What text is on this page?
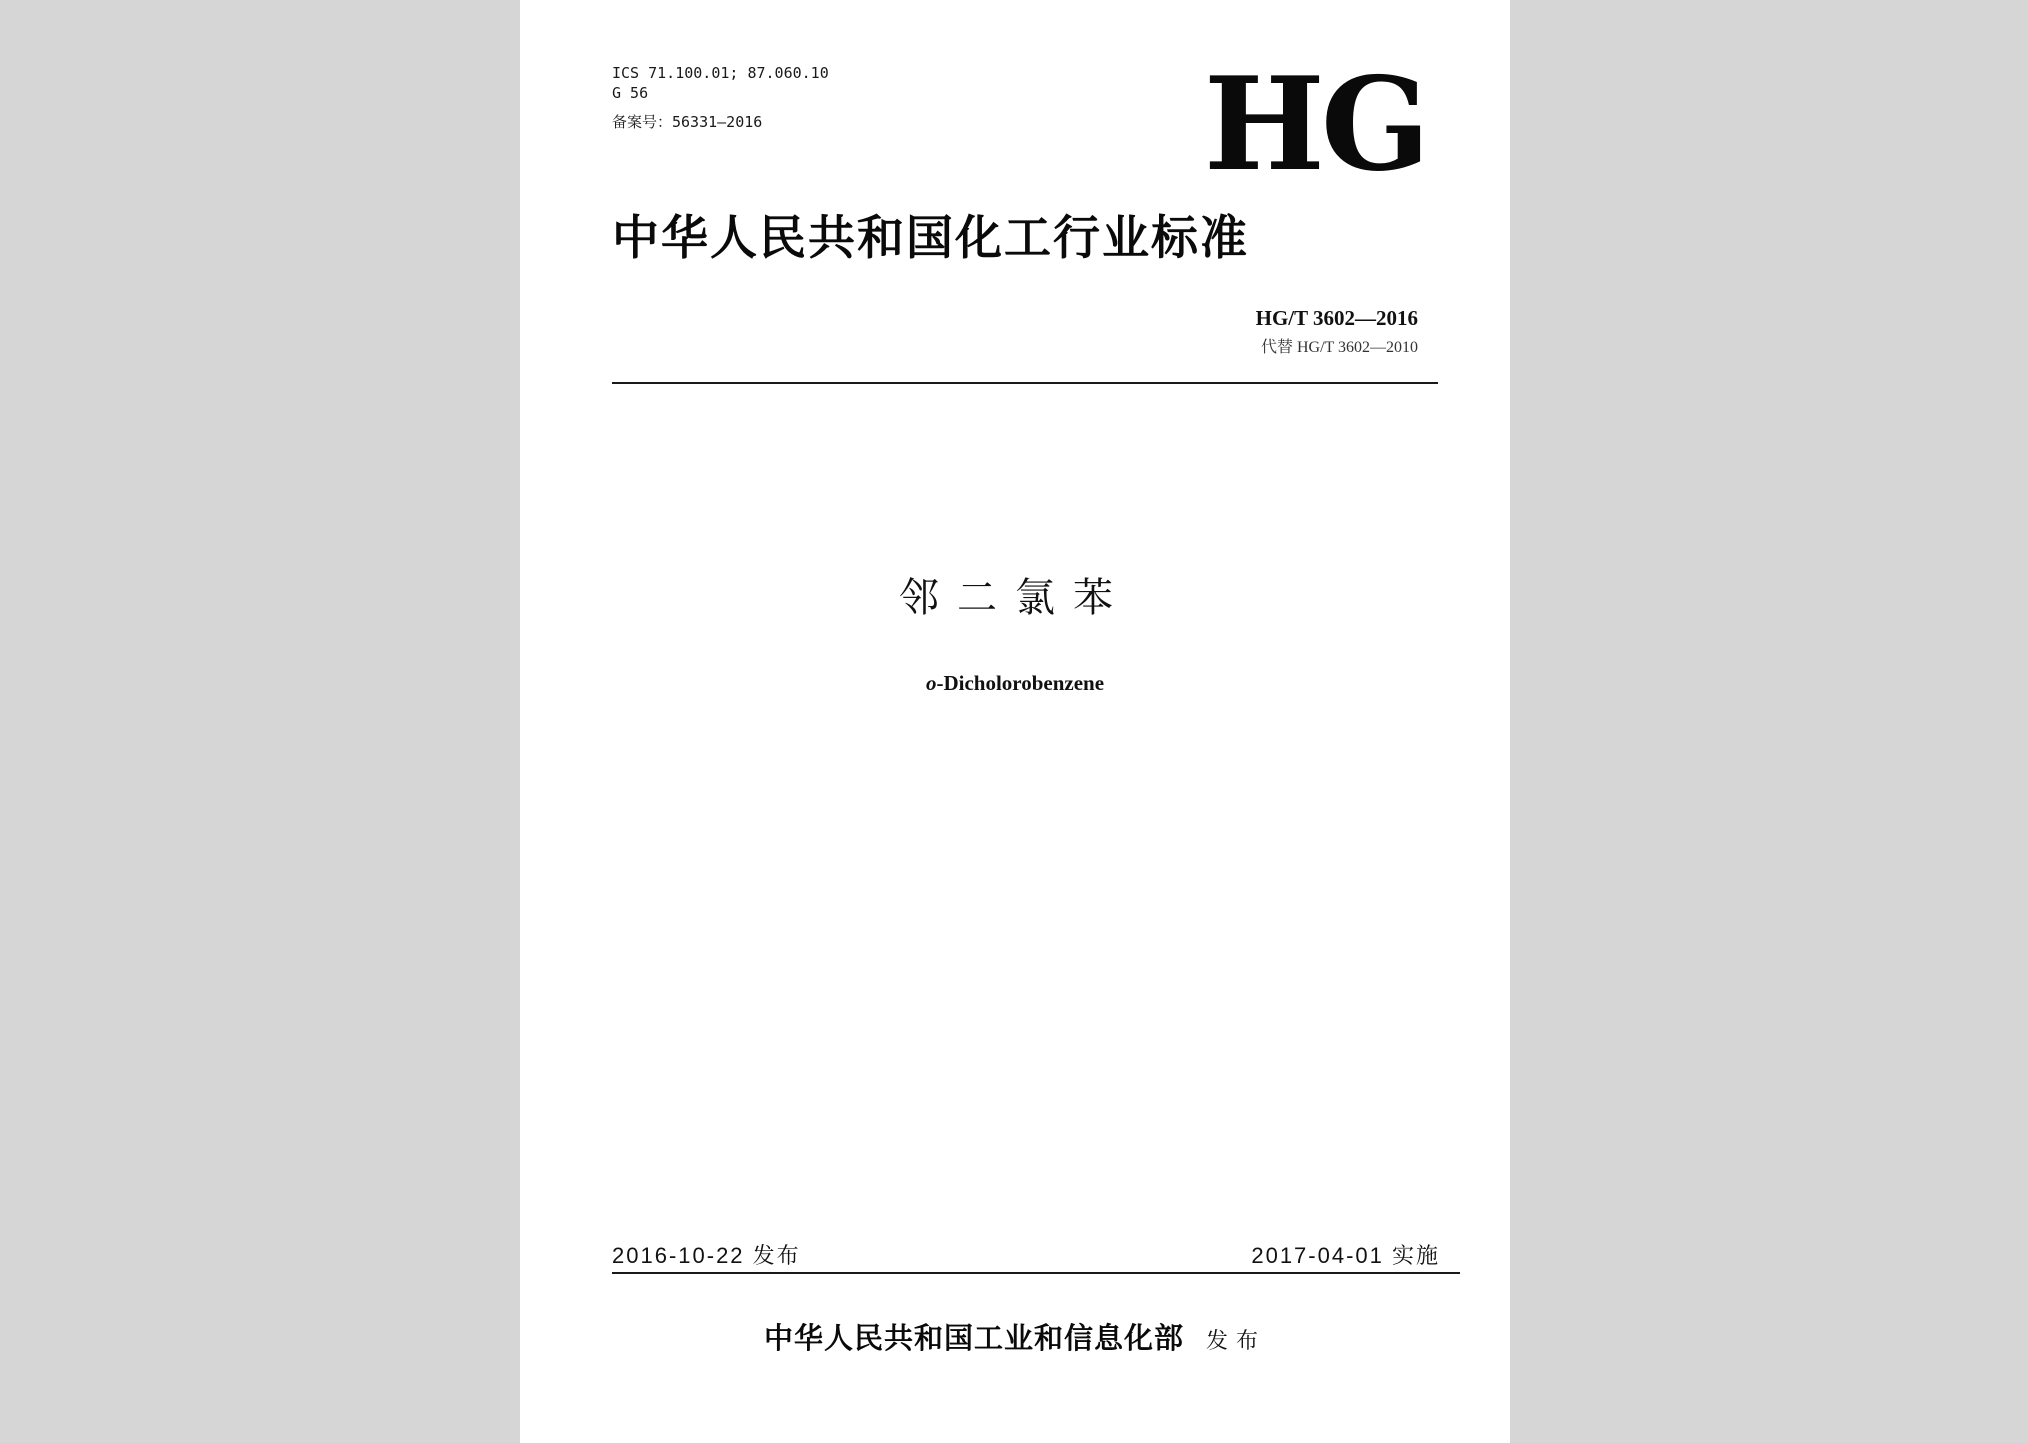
ICS 71.100.01; 87.060.10
G 56
备案号：56331—2016	HG
中华人民共和国化工行业标准
HG/T 3602—2016
代替 HG/T 3602—2010
邻二氯苯
o-Dicholorobenzene
2016-10-22 发布	2017-04-01 实施
中华人民共和国工业和信息化部 发布
